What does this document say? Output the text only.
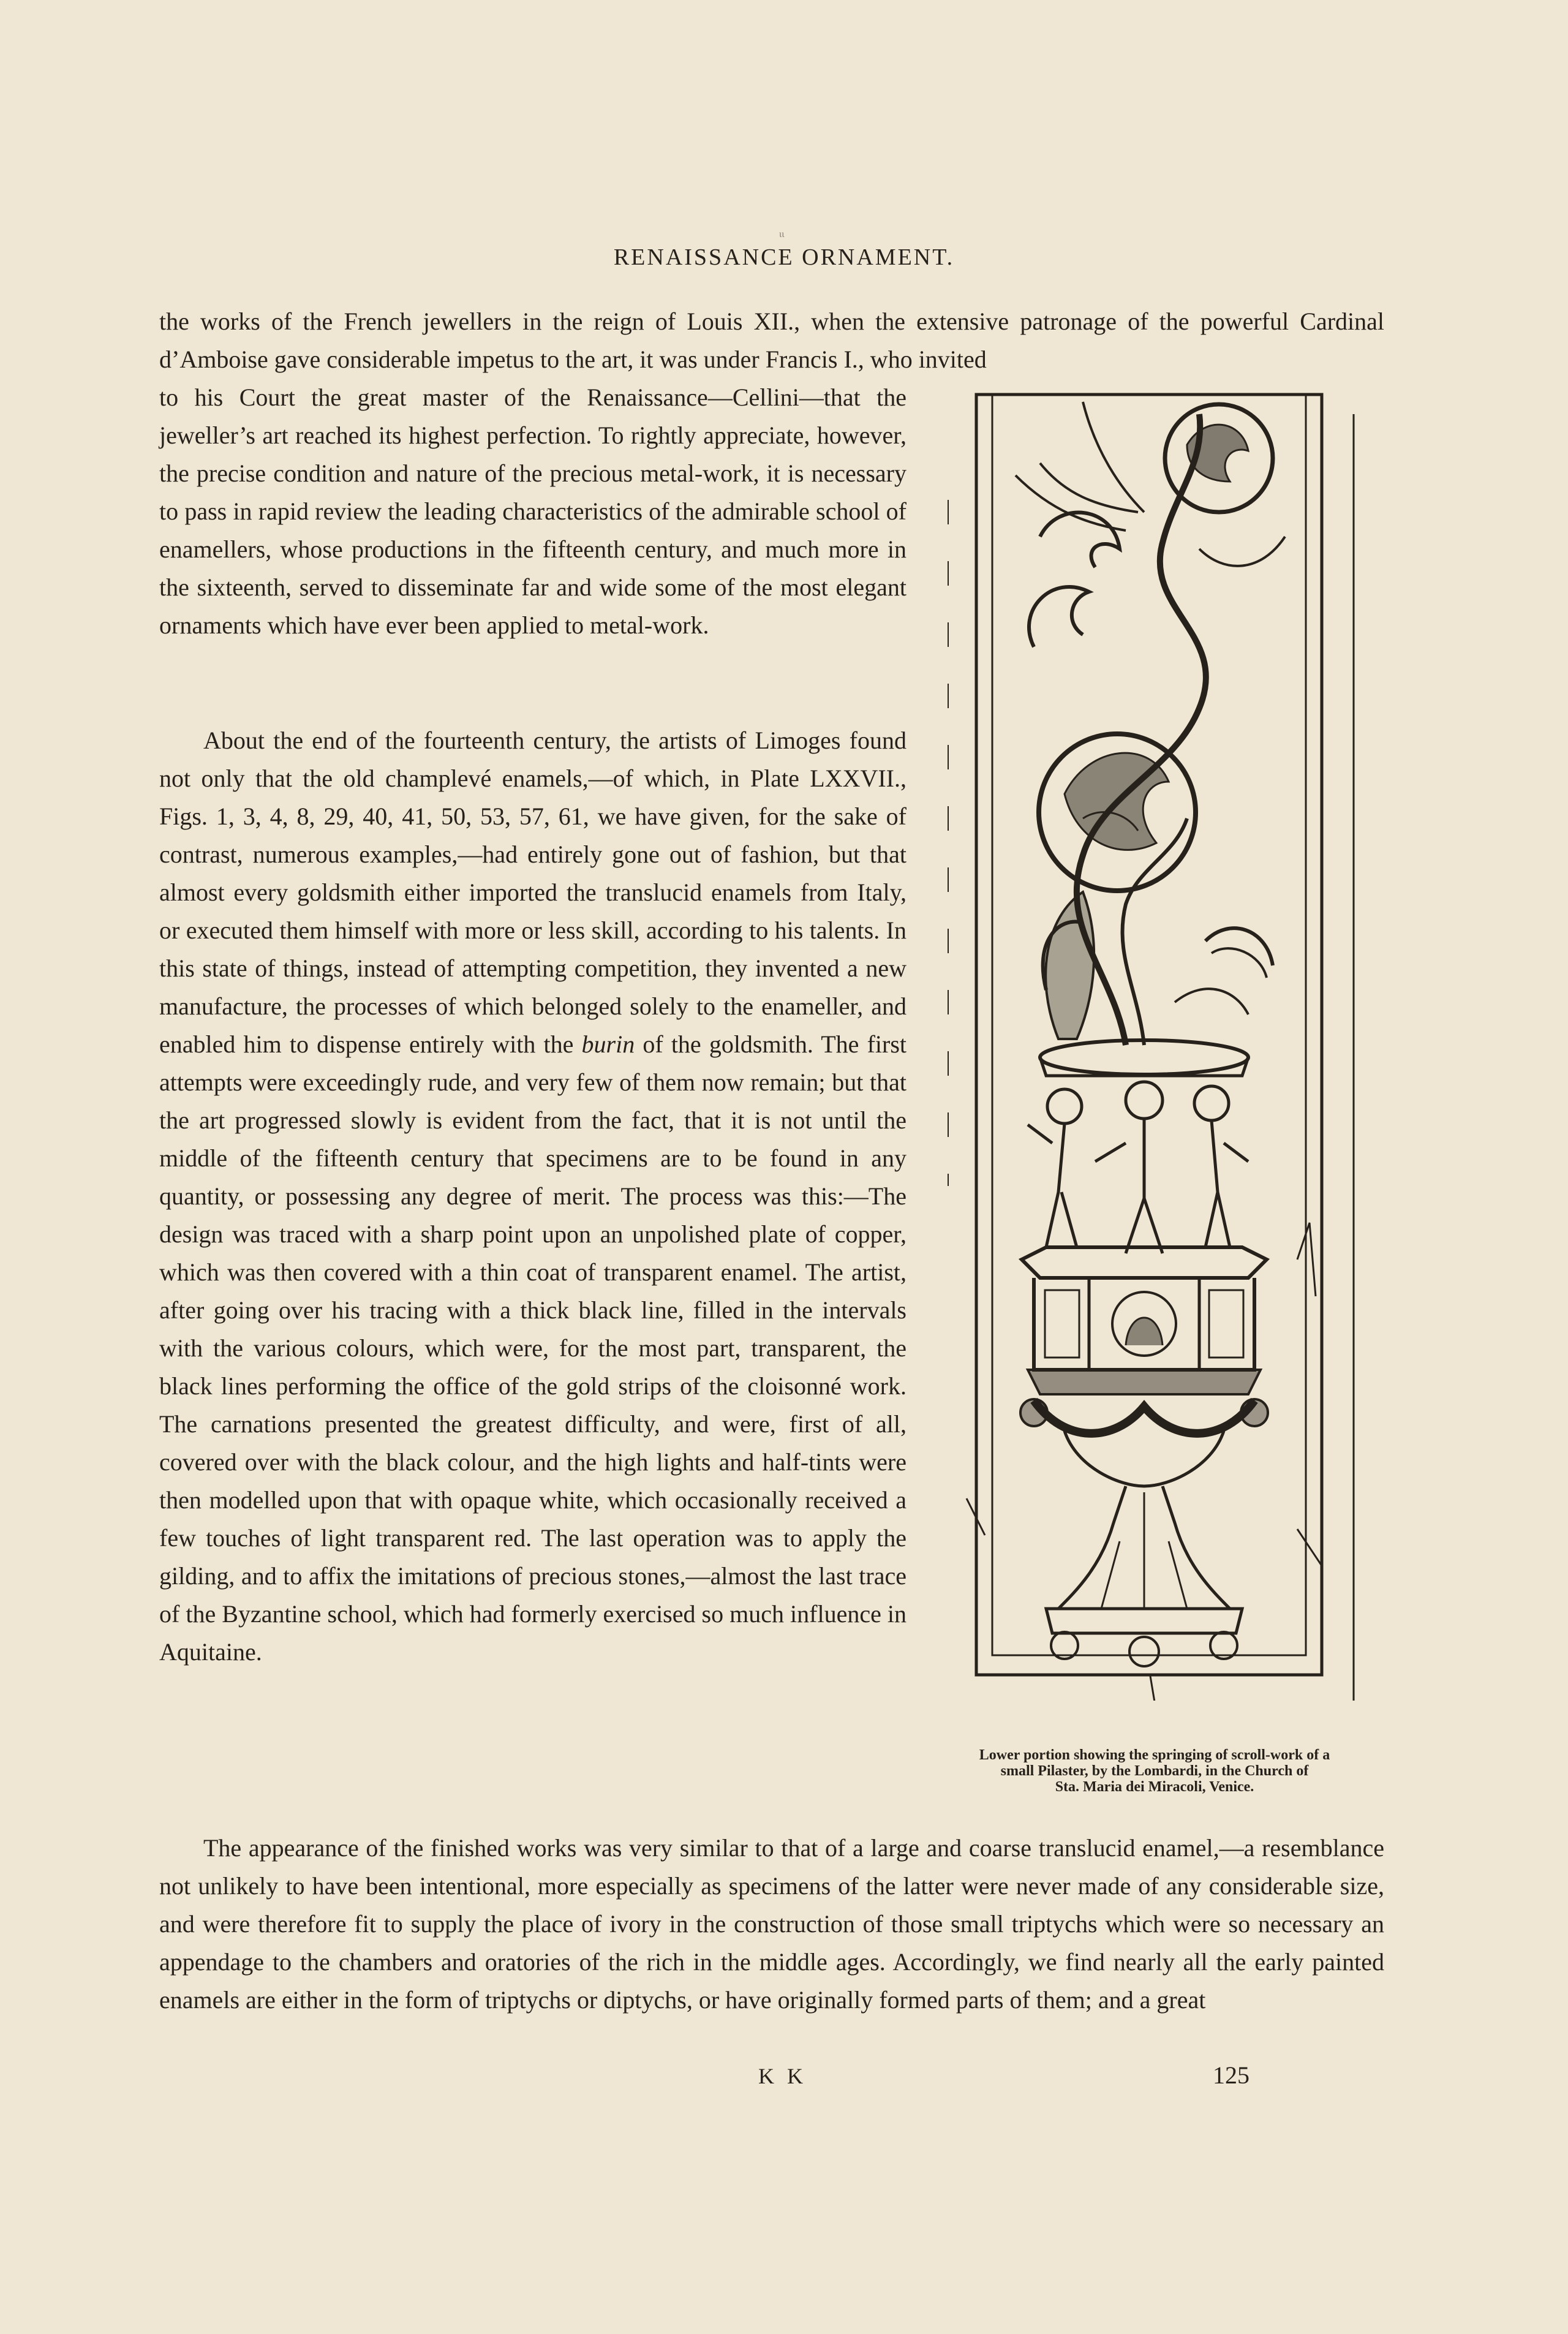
RENAISSANCE ORNAMENT.
ιι

the works of the French jewellers in the reign of Louis XII., when the extensive patronage of the powerful Cardinal d’Amboise gave considerable impetus to the art, it was under Francis I., who invited

to his Court the great master of the Renaissance—Cellini—that the jeweller’s art reached its highest perfection. To rightly appreciate, however, the precise condition and nature of the precious metal-work, it is necessary to pass in rapid review the leading characteristics of the admirable school of enamellers, whose productions in the fifteenth century, and much more in the sixteenth, served to disseminate far and wide some of the most elegant ornaments which have ever been applied to metal-work.

About the end of the fourteenth century, the artists of Limoges found not only that the old champlevé enamels,—of which, in Plate LXXVII., Figs. 1, 3, 4, 8, 29, 40, 41, 50, 53, 57, 61, we have given, for the sake of contrast, numerous examples,—had entirely gone out of fashion, but that almost every goldsmith either imported the translucid enamels from Italy, or executed them himself with more or less skill, according to his talents. In this state of things, instead of attempting competition, they invented a new manufacture, the processes of which belonged solely to the enameller, and enabled him to dispense entirely with the burin of the goldsmith. The first attempts were exceedingly rude, and very few of them now remain; but that the art progressed slowly is evident from the fact, that it is not until the middle of the fifteenth century that specimens are to be found in any quantity, or possessing any degree of merit. The process was this:—The design was traced with a sharp point upon an unpolished plate of copper, which was then covered with a thin coat of transparent enamel. The artist, after going over his tracing with a thick black line, filled in the intervals with the various colours, which were, for the most part, transparent, the black lines performing the office of the gold strips of the cloisonné work. The carnations presented the greatest difficulty, and were, first of all, covered over with the black colour, and the high lights and half-tints were then modelled upon that with opaque white, which occasionally received a few touches of light transparent red. The last operation was to apply the gilding, and to affix the imitations of precious stones,—almost the last trace of the Byzantine school, which had formerly exercised so much influence in Aquitaine.

The appearance of the finished works was very similar to that of a large and coarse translucid enamel,—a resemblance not unlikely to have been intentional, more especially as specimens of the latter were never made of any considerable size, and were therefore fit to supply the place of ivory in the construction of those small triptychs which were so necessary an appendage to the chambers and oratories of the rich in the middle ages. Accordingly, we find nearly all the early painted enamels are either in the form of triptychs or diptychs, or have originally formed parts of them; and a great

Lower portion showing the springing of scroll-work of a
small Pilaster, by the Lombardi, in the Church of
Sta. Maria dei Miracoli, Venice.
K K	125
